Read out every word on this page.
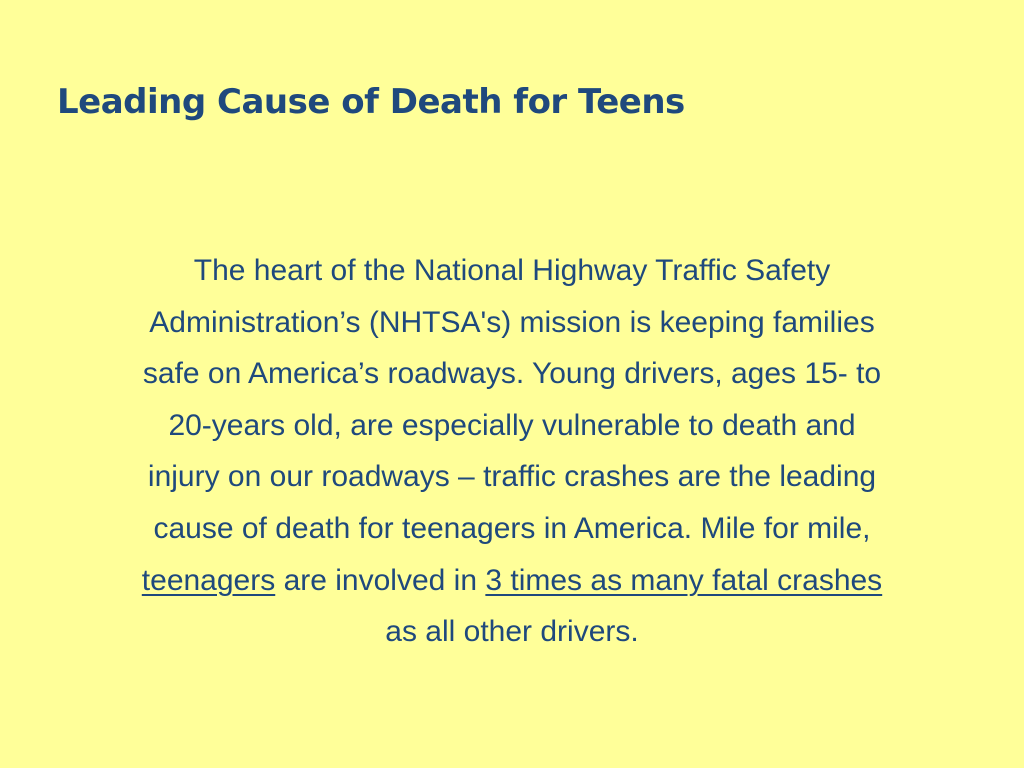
Leading Cause of Death for Teens
The heart of the National Highway Traffic Safety
Administration’s (NHTSA's) mission is keeping families
safe on America’s roadways. Young drivers, ages 15- to
20-years old, are especially vulnerable to death and
injury on our roadways – traffic crashes are the leading
cause of death for teenagers in America. Mile for mile,
teenagers are involved in 3 times as many fatal crashes
as all other drivers.
